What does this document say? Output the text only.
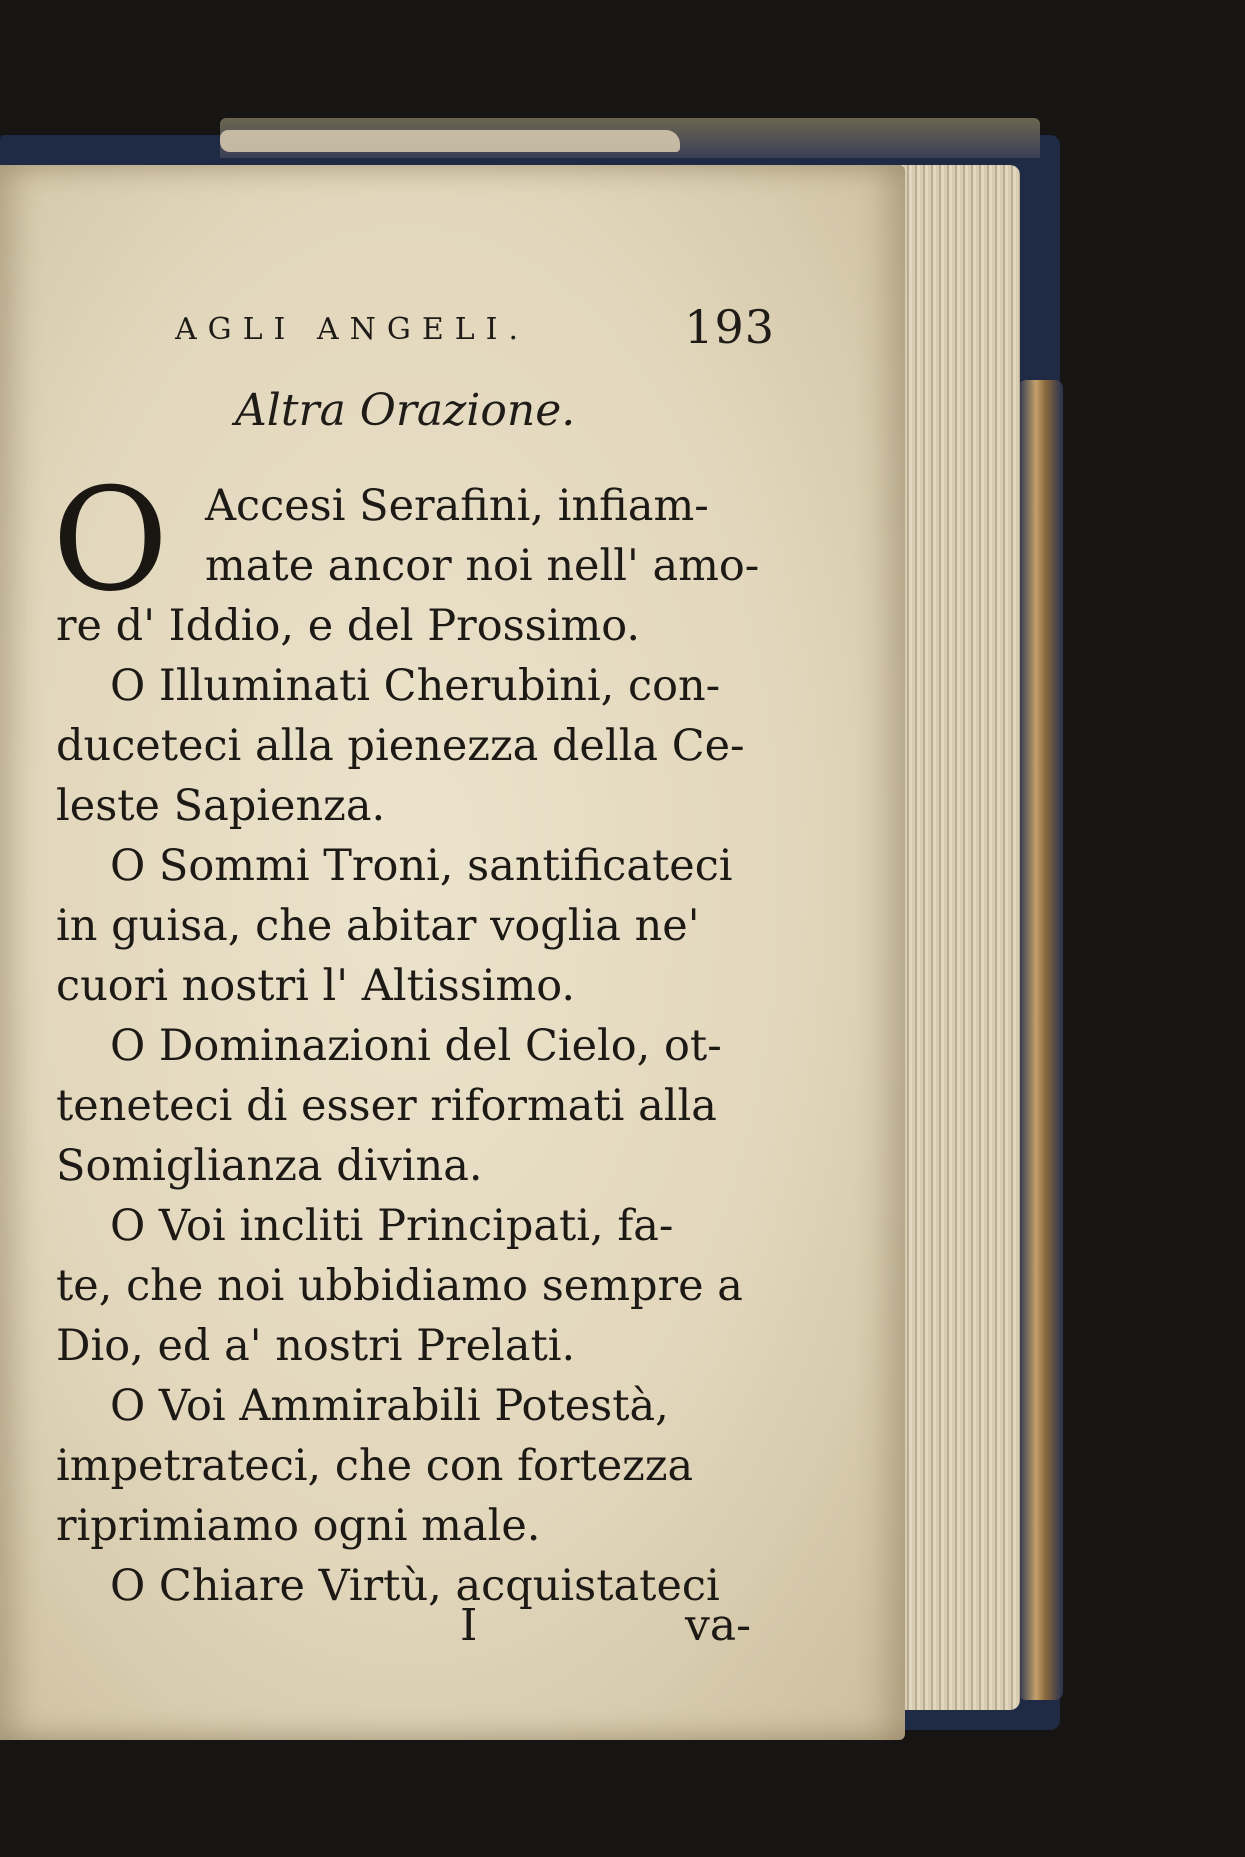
AGLI ANGELI.	193
Altra Orazione.
O Accesi Serafini, infiam-
mate ancor noi nell' amo-
re d' Iddio, e del Prossimo.
O Illuminati Cherubini, con-
duceteci alla pienezza della Ce-
leste Sapienza.
O Sommi Troni, santificateci
in guisa, che abitar voglia ne'
cuori nostri l' Altissimo.
O Dominazioni del Cielo, ot-
teneteci di esser riformati alla
Somiglianza divina.
O Voi incliti Principati, fa-
te, che noi ubbidiamo sempre a
Dio, ed a' nostri Prelati.
O Voi Ammirabili Potestà,
impetrateci, che con fortezza
riprimiamo ogni male.
O Chiare Virtù, acquistateci
I	va-
